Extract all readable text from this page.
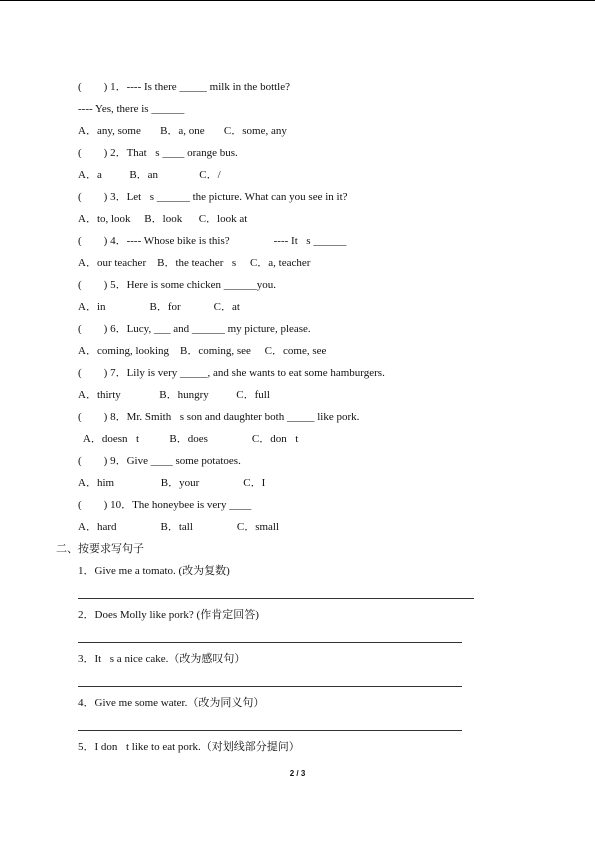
(        ) 1．---- Is there _____ milk in the bottle?
---- Yes, there is ______
A．any, some       B．a, one       C．some, any
(        ) 2．That s ____ orange bus.
A．a          B．an               C．/
(        ) 3．Let s ______ the picture. What can you see in it?
A．to, look     B．look      C．look at
(        ) 4．---- Whose bike is this?                ---- It s ______
A．our teacher    B．the teacher s     C．a, teacher
(        ) 5．Here is some chicken ______you.
A．in                B．for            C．at
(        ) 6．Lucy, ___ and ______ my picture, please.
A．coming, looking    B．coming, see     C．come, see
(        ) 7．Lily is very _____, and she wants to eat some hamburgers.
A．thirty              B．hungry          C．full
(        ) 8．Mr. Smith s son and daughter both _____ like pork.
A．doesn t           B．does                C．don t
(        ) 9．Give ____ some potatoes.
A．him                 B．your                C．I
(        ) 10．The honeybee is very ____
A．hard                B．tall                C．small
二、按要求写句子
1．Give me a tomato. (改为复数)
2．Does Molly like pork? (作肯定回答)
3．It s a nice cake.（改为感叹句）
4．Give me some water.（改为同义句）
5．I don t like to eat pork.（对划线部分提问）
2 / 3
